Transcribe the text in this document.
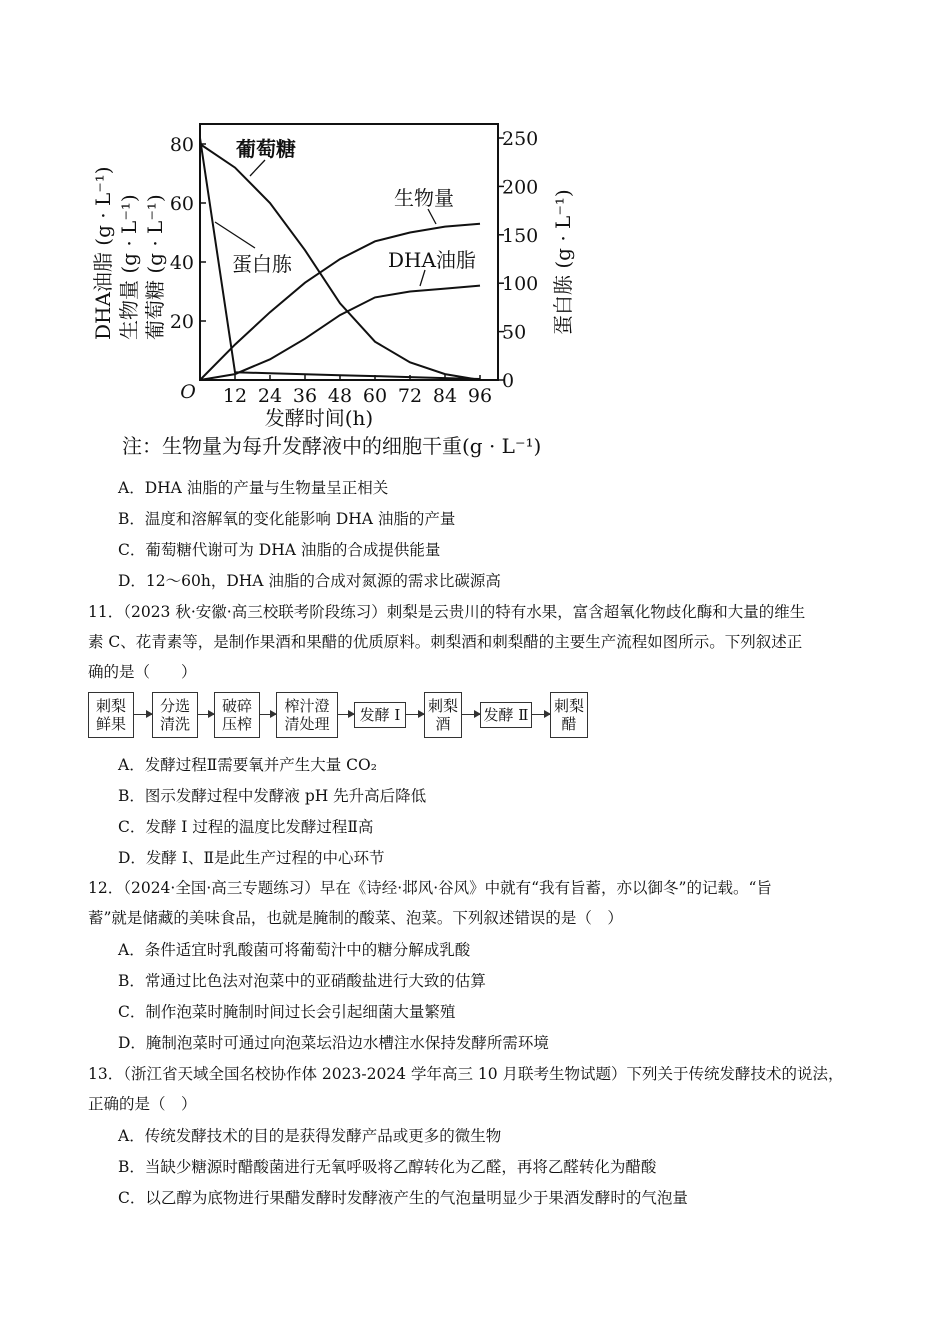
80
60
40
20
250
200
150
100
50
0
12 24 36 48 60 72 84 96
O
发酵时间(h)
DHA油脂 (g · L⁻¹) 生物量 (g · L⁻¹) 葡萄糖 (g · L⁻¹)	蛋白胨 (g · L⁻¹)
葡萄糖
生物量
DHA油脂
蛋白胨
注：生物量为每升发酵液中的细胞干重(g · L⁻¹)
A．DHA 油脂的产量与生物量呈正相关
B．温度和溶解氧的变化能影响 DHA 油脂的产量
C．葡萄糖代谢可为 DHA 油脂的合成提供能量
D．12～60h，DHA 油脂的合成对氮源的需求比碳源高
11．（2023 秋·安徽·高三校联考阶段练习）刺梨是云贵川的特有水果，富含超氧化物歧化酶和大量的维生
素 C、花青素等，是制作果酒和果醋的优质原料。刺梨酒和刺梨醋的主要生产流程如图所示。下列叙述正
确的是（　　）
刺梨
鲜果
分选
清洗
破碎
压榨
榨汁澄
清处理 发酵 Ⅰ 刺梨
酒	发酵 Ⅱ 刺梨
醋
A．发酵过程Ⅱ需要氧并产生大量 CO₂
B．图示发酵过程中发酵液 pH 先升高后降低
C．发酵 I 过程的温度比发酵过程Ⅱ高
D．发酵 I、Ⅱ是此生产过程的中心环节
12．（2024·全国·高三专题练习）早在《诗经·邶风·谷风》中就有“我有旨蓄，亦以御冬”的记载。“旨
蓄”就是储藏的美味食品，也就是腌制的酸菜、泡菜。下列叙述错误的是（　）
A．条件适宜时乳酸菌可将葡萄汁中的糖分解成乳酸
B．常通过比色法对泡菜中的亚硝酸盐进行大致的估算
C．制作泡菜时腌制时间过长会引起细菌大量繁殖
D．腌制泡菜时可通过向泡菜坛沿边水槽注水保持发酵所需环境
13．（浙江省天域全国名校协作体 2023-2024 学年高三 10 月联考生物试题）下列关于传统发酵技术的说法，
正确的是（　）
A．传统发酵技术的目的是获得发酵产品或更多的微生物
B．当缺少糖源时醋酸菌进行无氧呼吸将乙醇转化为乙醛，再将乙醛转化为醋酸
C．以乙醇为底物进行果醋发酵时发酵液产生的气泡量明显少于果酒发酵时的气泡量
